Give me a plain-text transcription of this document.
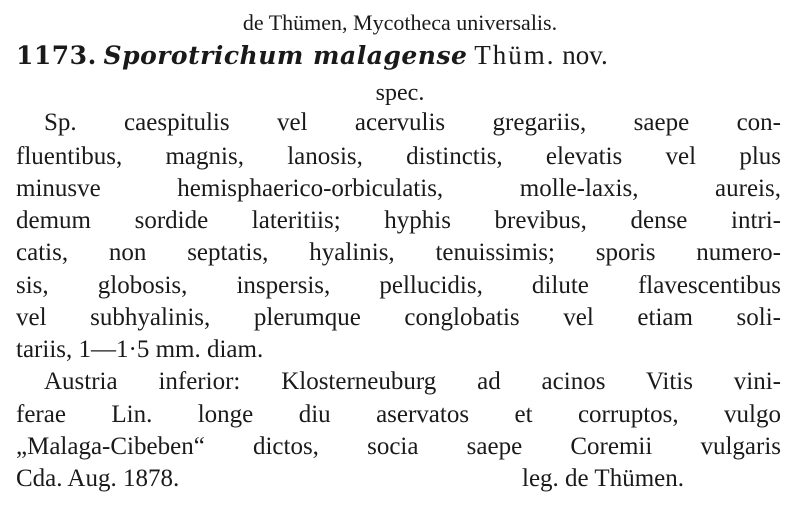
de Thümen, Mycotheca universalis.
1173. Sporotrichum malagense Thüm. nov.
spec.
Sp. caespitulis vel acervulis gregariis, saepe con-
fluentibus, magnis, lanosis, distinctis, elevatis vel plus
minusve hemisphaerico-orbiculatis, molle-laxis, aureis,
demum sordide lateritiis; hyphis brevibus, dense intri-
catis, non septatis, hyalinis, tenuissimis; sporis numero-
sis, globosis, inspersis, pellucidis, dilute flavescentibus
vel subhyalinis, plerumque conglobatis vel etiam soli-
tariis, 1—1·5 mm. diam.
Austria inferior: Klosterneuburg ad acinos Vitis vini-
ferae Lin. longe diu aservatos et corruptos, vulgo
„Malaga-Cibeben“ dictos, socia saepe Coremii vulgaris
Cda. Aug. 1878.	leg. de Thümen.
